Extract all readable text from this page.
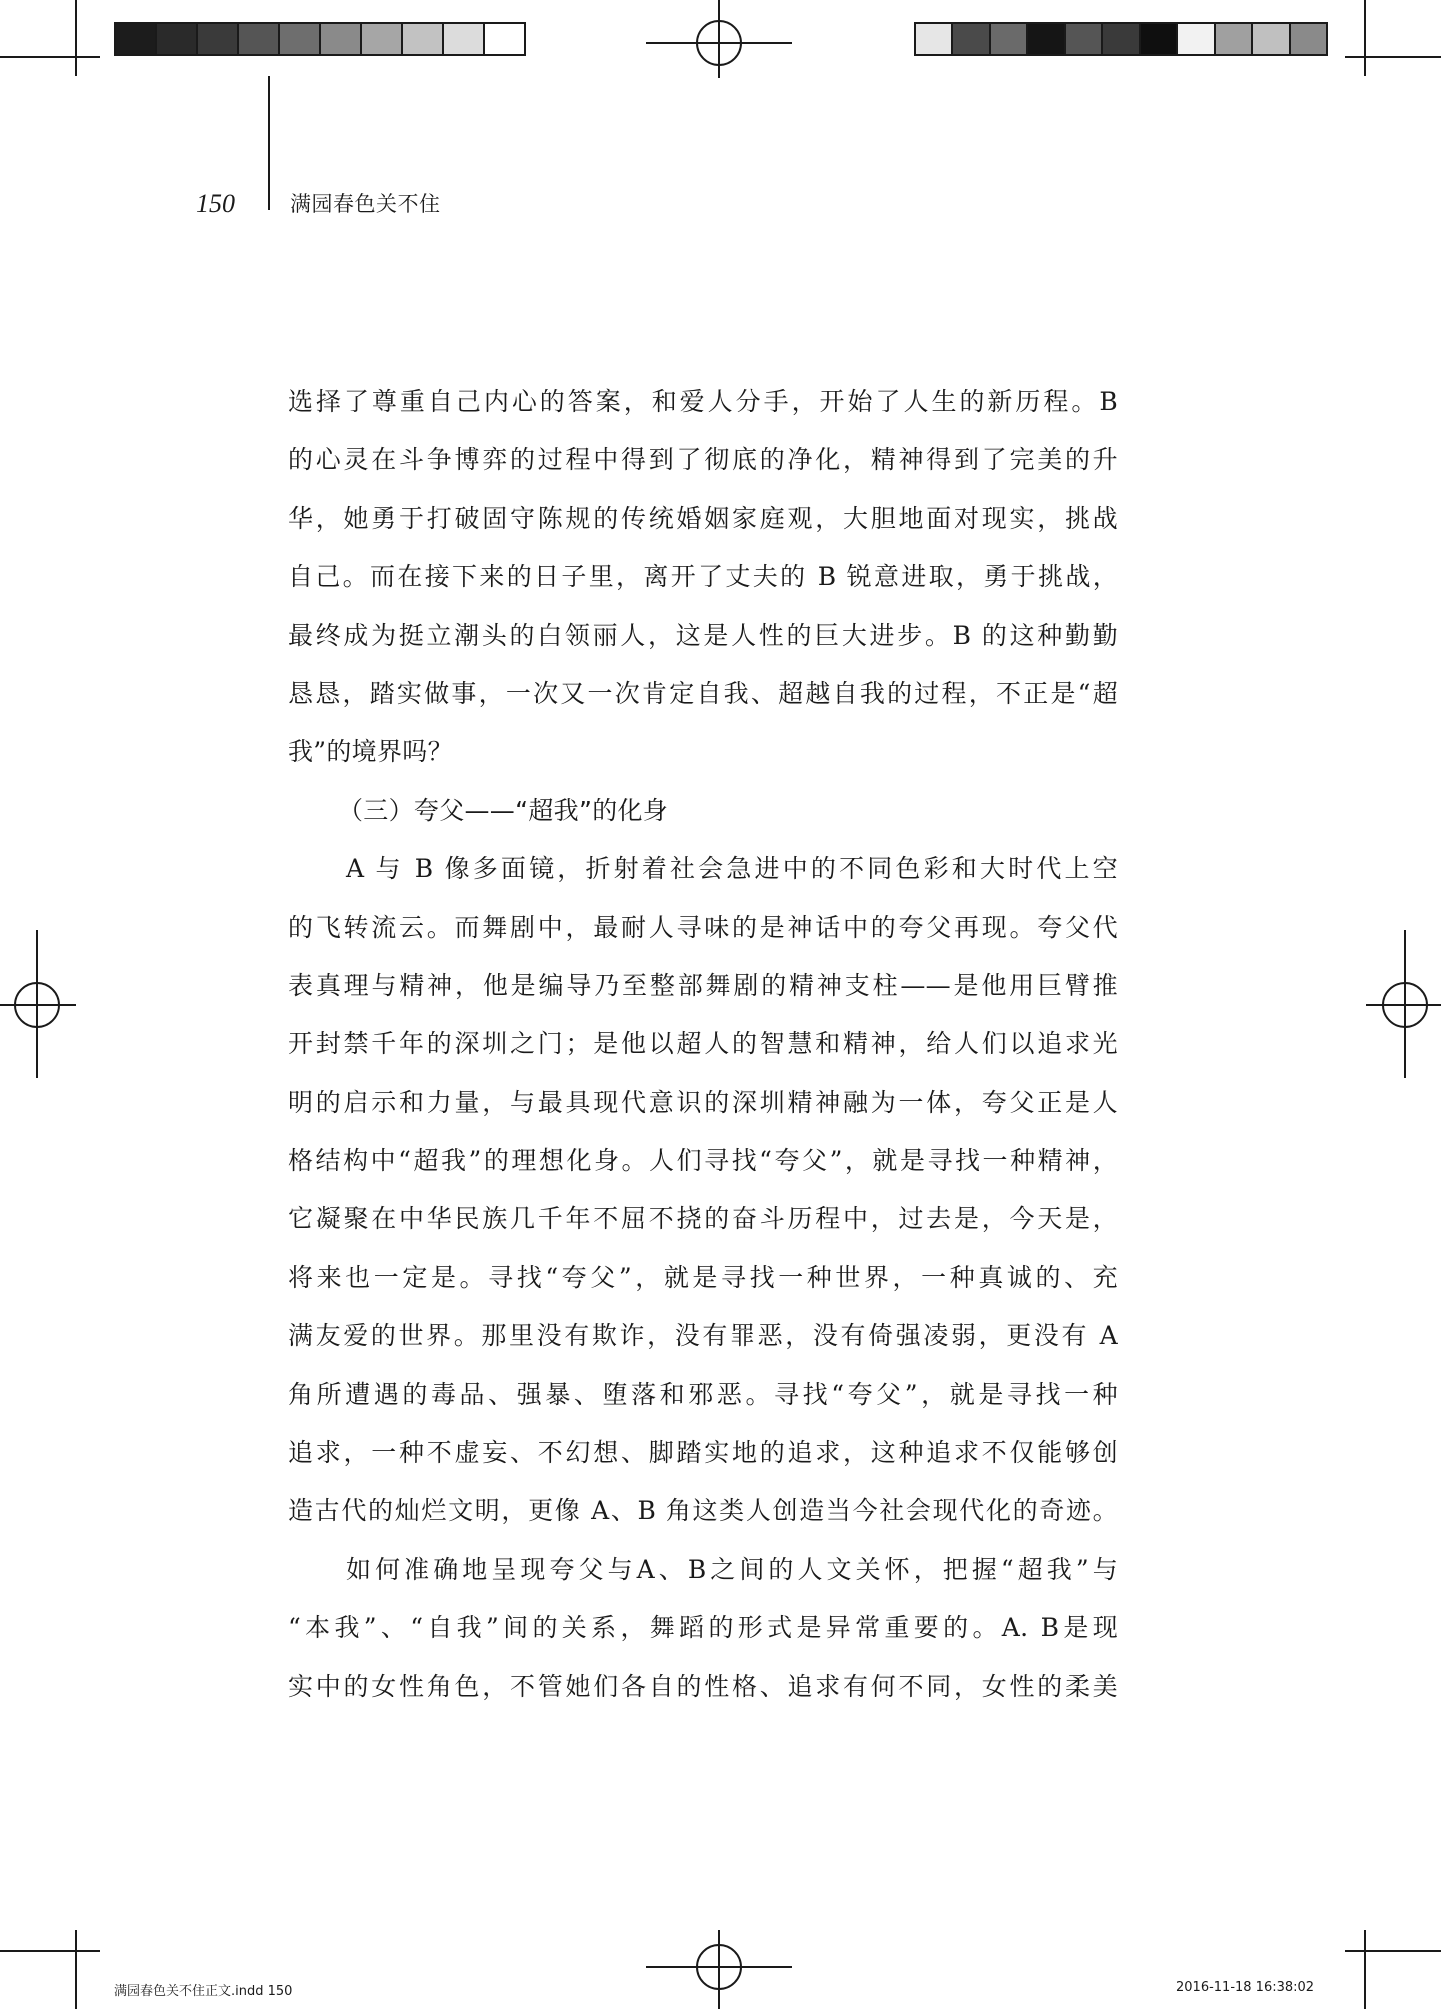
150	满园春色关不住
选择了尊重自己内心的答案，和爱人分手，开始了人生的新历程。B
的心灵在斗争博弈的过程中得到了彻底的净化，精神得到了完美的升
华，她勇于打破固守陈规的传统婚姻家庭观，大胆地面对现实，挑战
自己。而在接下来的日子里，离开了丈夫的 B 锐意进取，勇于挑战，
最终成为挺立潮头的白领丽人，这是人性的巨大进步。B 的这种勤勤
恳恳，踏实做事，一次又一次肯定自我、超越自我的过程，不正是“超
我”的境界吗？
（三）夸父——“超我”的化身
A 与 B 像多面镜，折射着社会急进中的不同色彩和大时代上空
的飞转流云。而舞剧中，最耐人寻味的是神话中的夸父再现。夸父代
表真理与精神，他是编导乃至整部舞剧的精神支柱——是他用巨臂推
开封禁千年的深圳之门；是他以超人的智慧和精神，给人们以追求光
明的启示和力量，与最具现代意识的深圳精神融为一体，夸父正是人
格结构中“超我”的理想化身。人们寻找“夸父”，就是寻找一种精神，
它凝聚在中华民族几千年不屈不挠的奋斗历程中，过去是，今天是，
将来也一定是。寻找“夸父”，就是寻找一种世界，一种真诚的、充
满友爱的世界。那里没有欺诈，没有罪恶，没有倚强凌弱，更没有 A
角所遭遇的毒品、强暴、堕落和邪恶。寻找“夸父”，就是寻找一种
追求，一种不虚妄、不幻想、脚踏实地的追求，这种追求不仅能够创
造古代的灿烂文明，更像 A、B 角这类人创造当今社会现代化的奇迹。
如何准确地呈现夸父与A、B之间的人文关怀，把握“超我”与
“本我”、“自我”间的关系，舞蹈的形式是异常重要的。A. B是现
实中的女性角色，不管她们各自的性格、追求有何不同，女性的柔美
满园春色关不住正文.indd 150	2016-11-18 16:38:02
